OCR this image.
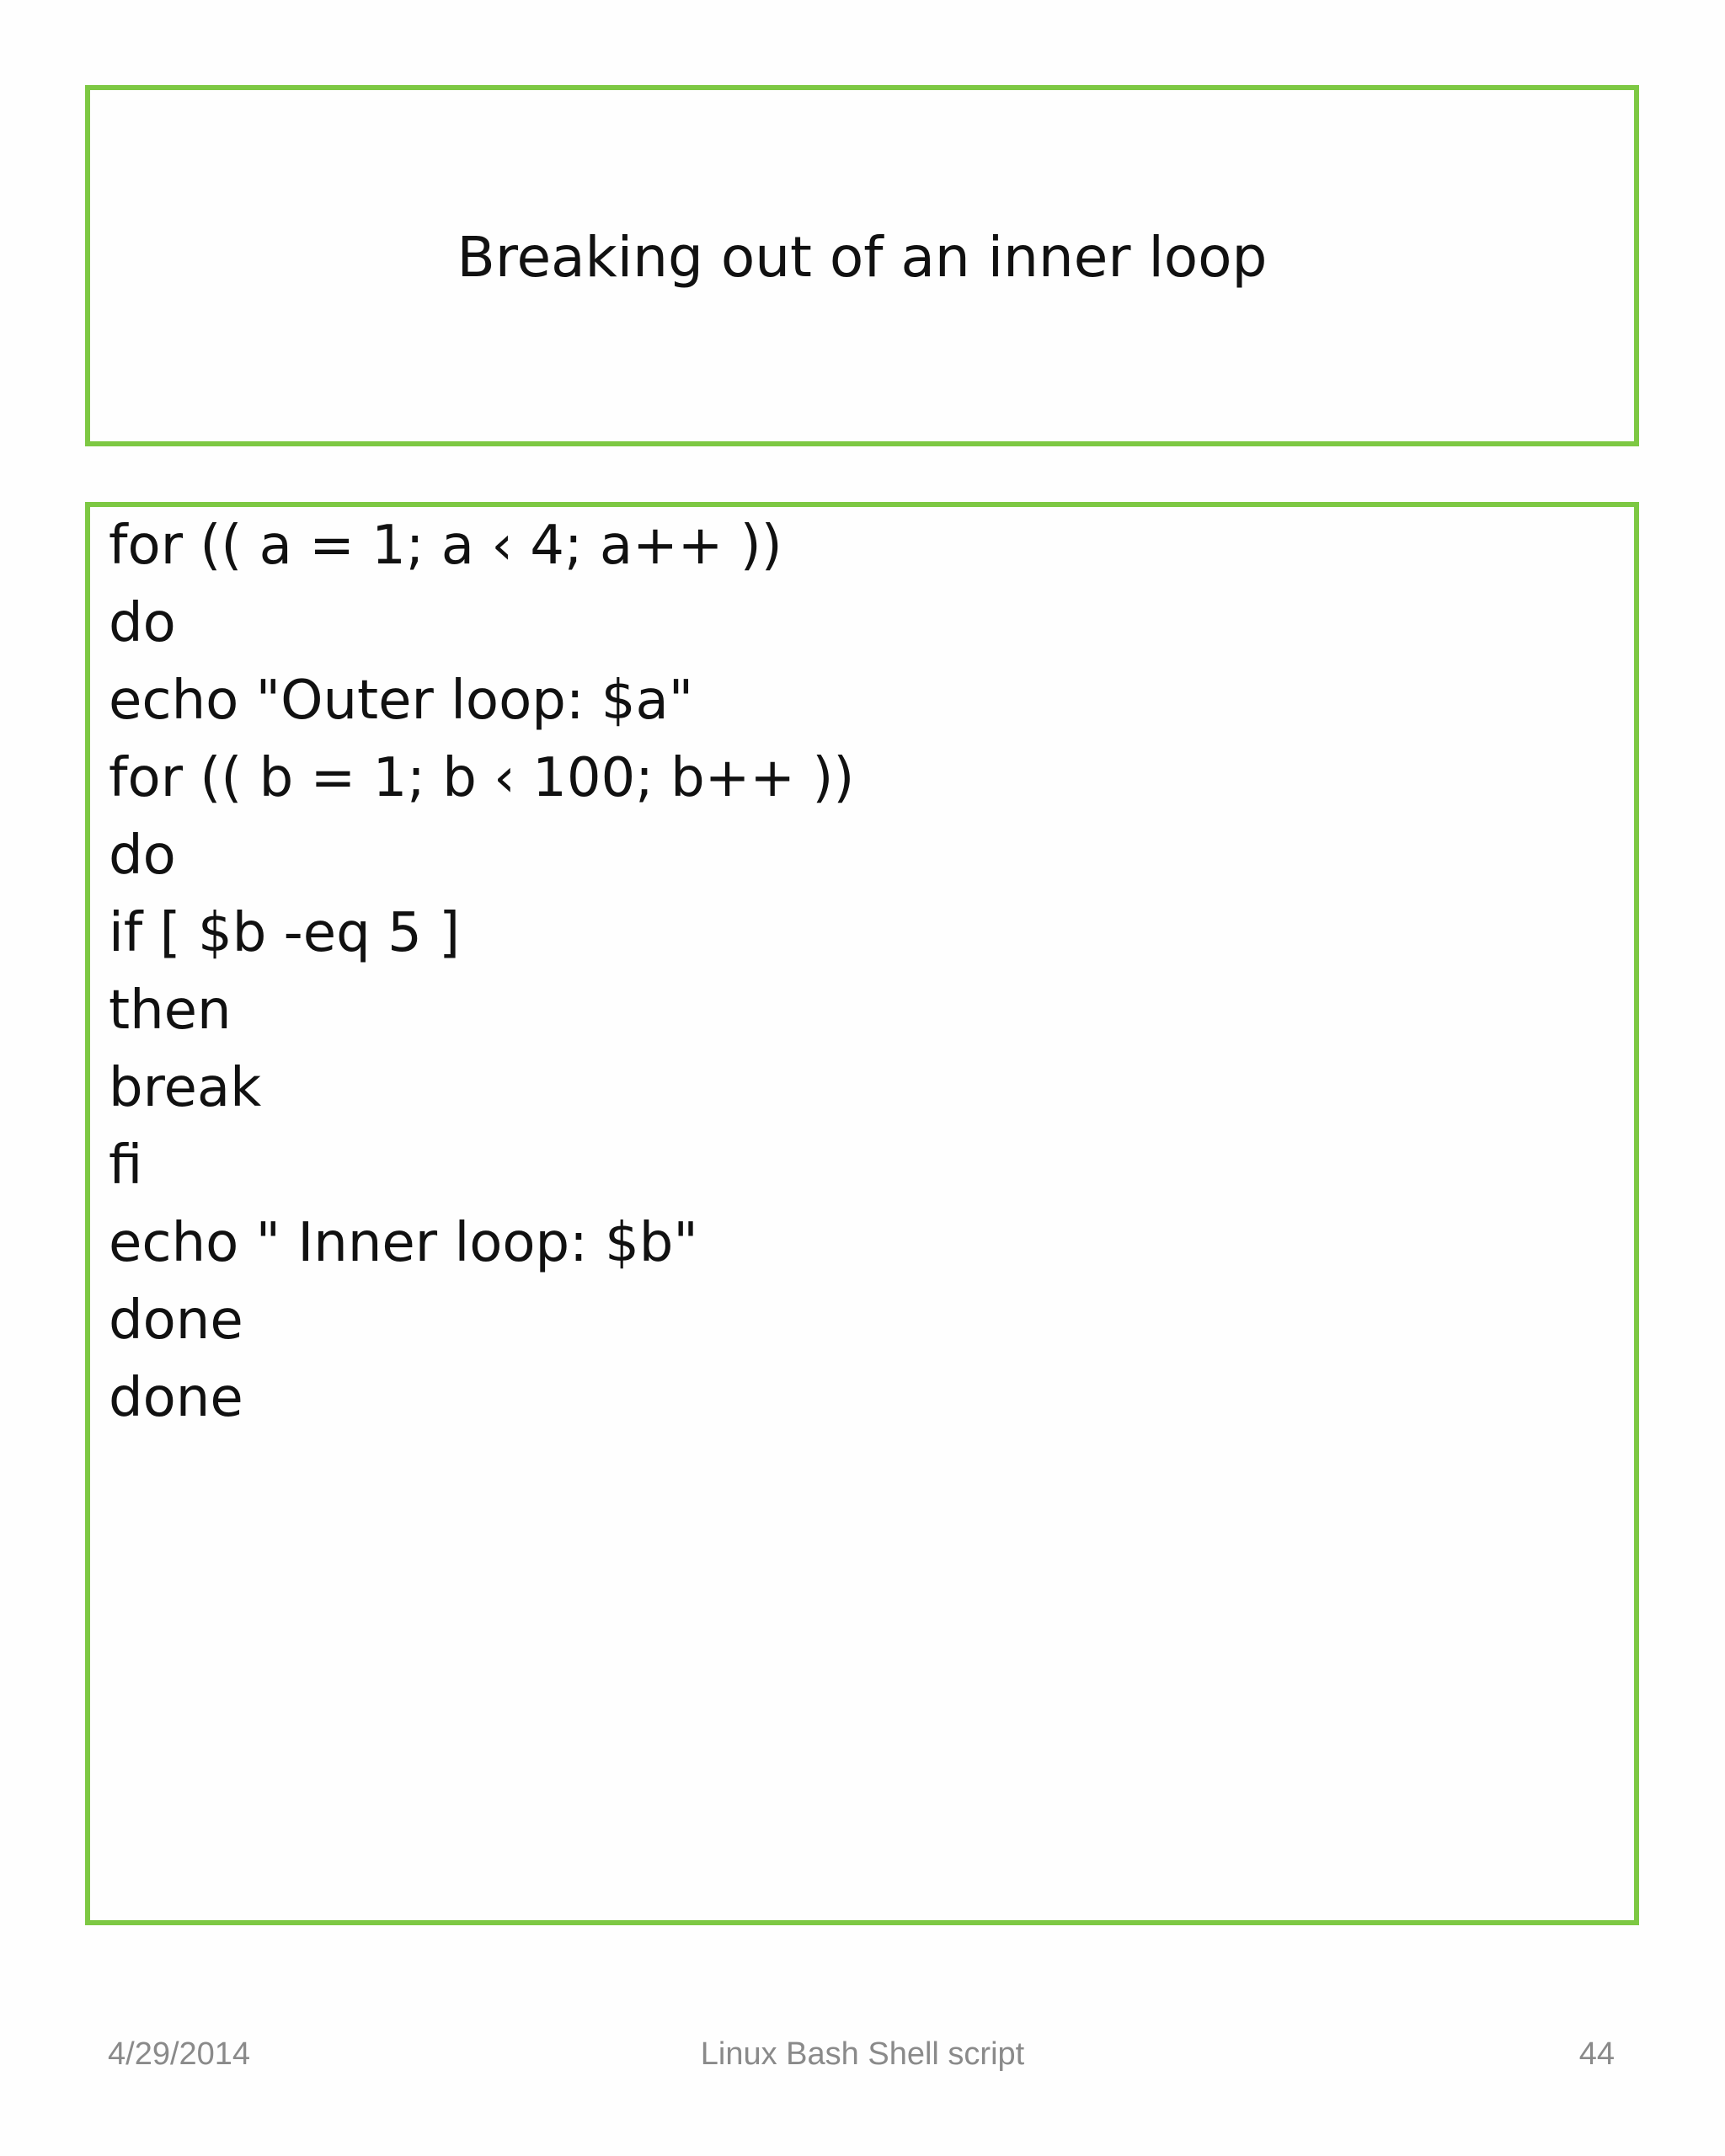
Breaking out of an inner loop
for (( a = 1; a ‹ 4; a++ ))
do
echo "Outer loop: $a"
for (( b = 1; b ‹ 100; b++ ))
do
if [ $b -eq 5 ]
then
break
fi
echo " Inner loop: $b"
done
done
4/29/2014	Linux Bash Shell script	44
